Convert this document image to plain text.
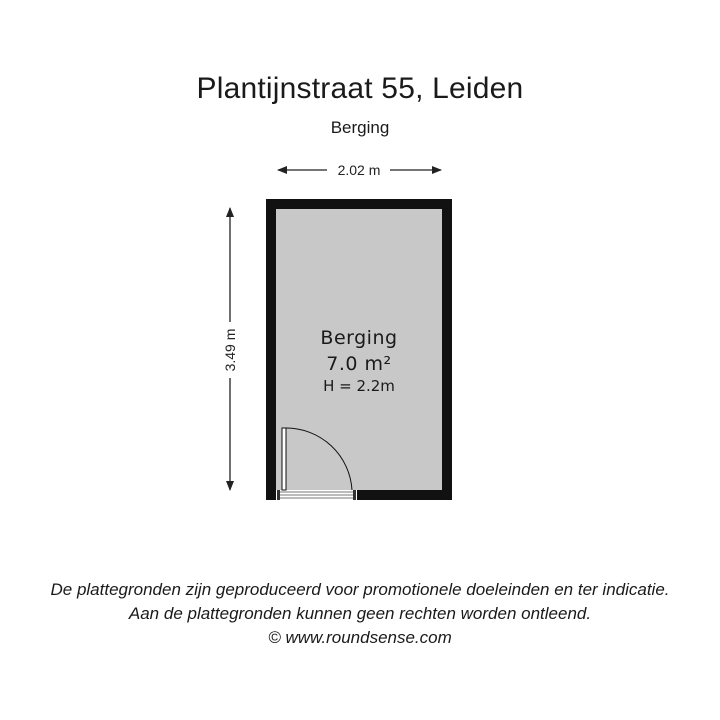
Plantijnstraat 55, Leiden
Berging
2.02 m
3.49 m	Berging
7.0 m²
H = 2.2m
De plattegronden zijn geproduceerd voor promotionele doeleinden en ter indicatie.
Aan de plattegronden kunnen geen rechten worden ontleend.
© www.roundsense.com
